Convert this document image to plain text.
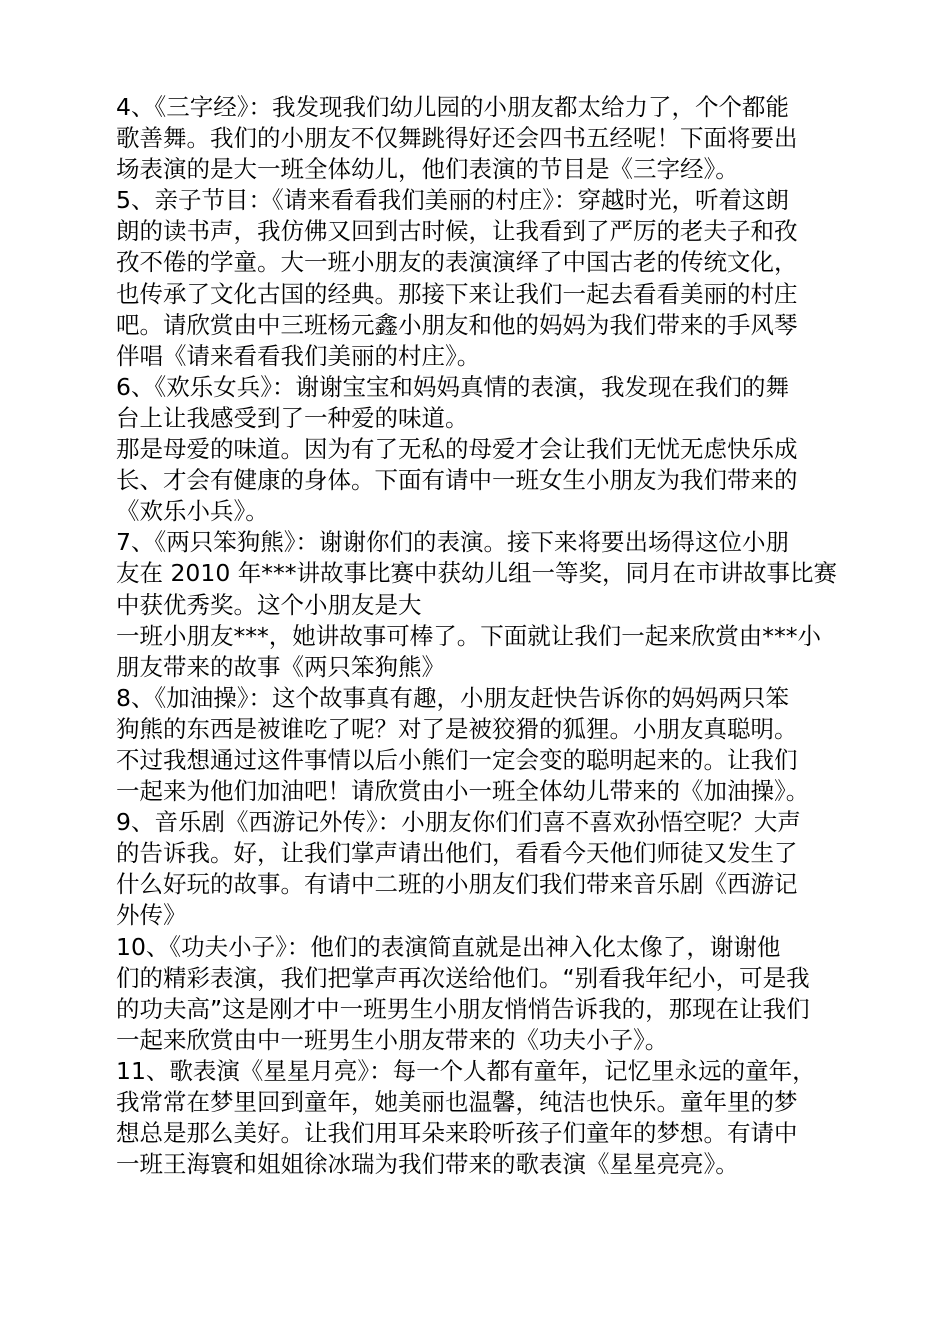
4、《三字经》：我发现我们幼儿园的小朋友都太给力了，个个都能
歌善舞。我们的小朋友不仅舞跳得好还会四书五经呢！下面将要出
场表演的是大一班全体幼儿，他们表演的节目是《三字经》。
5、亲子节目：《请来看看我们美丽的村庄》：穿越时光，听着这朗
朗的读书声，我仿佛又回到古时候，让我看到了严厉的老夫子和孜
孜不倦的学童。大一班小朋友的表演演绎了中国古老的传统文化，
也传承了文化古国的经典。那接下来让我们一起去看看美丽的村庄
吧。请欣赏由中三班杨元鑫小朋友和他的妈妈为我们带来的手风琴
伴唱《请来看看我们美丽的村庄》。
6、《欢乐女兵》：谢谢宝宝和妈妈真情的表演，我发现在我们的舞
台上让我感受到了一种爱的味道。
那是母爱的味道。因为有了无私的母爱才会让我们无忧无虑快乐成
长、才会有健康的身体。下面有请中一班女生小朋友为我们带来的
《欢乐小兵》。
7、《两只笨狗熊》：谢谢你们的表演。接下来将要出场得这位小朋
友在 2010 年***讲故事比赛中获幼儿组一等奖，同月在市讲故事比赛
中获优秀奖。这个小朋友是大
一班小朋友***，她讲故事可棒了。下面就让我们一起来欣赏由***小
朋友带来的故事《两只笨狗熊》
8、《加油操》：这个故事真有趣，小朋友赶快告诉你的妈妈两只笨
狗熊的东西是被谁吃了呢？对了是被狡猾的狐狸。小朋友真聪明。
不过我想通过这件事情以后小熊们一定会变的聪明起来的。让我们
一起来为他们加油吧！请欣赏由小一班全体幼儿带来的《加油操》。
9、音乐剧《西游记外传》：小朋友你们们喜不喜欢孙悟空呢？大声
的告诉我。好，让我们掌声请出他们，看看今天他们师徒又发生了
什么好玩的故事。有请中二班的小朋友们我们带来音乐剧《西游记
外传》
10、《功夫小子》：他们的表演简直就是出神入化太像了，谢谢他
们的精彩表演，我们把掌声再次送给他们。“别看我年纪小，可是我
的功夫高”这是刚才中一班男生小朋友悄悄告诉我的，那现在让我们
一起来欣赏由中一班男生小朋友带来的《功夫小子》。
11、歌表演《星星月亮》：每一个人都有童年，记忆里永远的童年，
我常常在梦里回到童年，她美丽也温馨，纯洁也快乐。童年里的梦
想总是那么美好。让我们用耳朵来聆听孩子们童年的梦想。有请中
一班王海寰和姐姐徐冰瑞为我们带来的歌表演《星星亮亮》。
